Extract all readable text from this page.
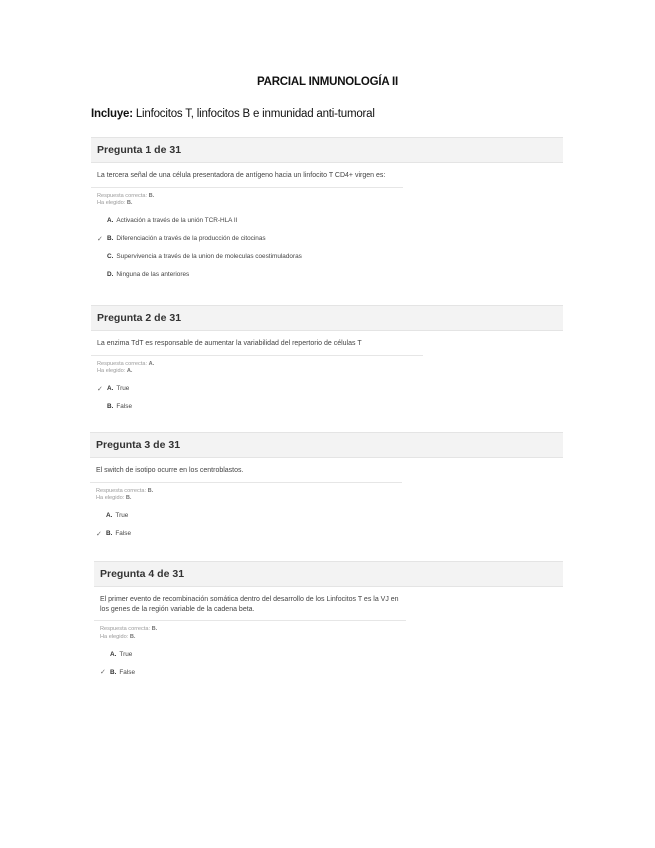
PARCIAL INMUNOLOGÍA II
Incluye: Linfocitos T, linfocitos B e inmunidad anti-tumoral
Pregunta 1 de 31
La tercera señal de una célula presentadora de antígeno hacia un linfocito T CD4+ virgen es:
Respuesta correcta: B.
Ha elegido: B.
A. Activación a través de la unión TCR-HLA II
✓ B. Diferenciación a través de la producción de citocinas
C. Supervivencia a través de la union de moleculas coestimuladoras
D. Ninguna de las anteriores
Pregunta 2 de 31
La enzima TdT es responsable de aumentar la variabilidad del repertorio de células T
Respuesta correcta: A.
Ha elegido: A.
✓ A. True
B. False
Pregunta 3 de 31
El switch de isotipo ocurre en los centroblastos.
Respuesta correcta: B.
Ha elegido: B.
A. True
✓ B. False
Pregunta 4 de 31
El primer evento de recombinación somática dentro del desarrollo de los Linfocitos T es la VJ en los genes de la región variable de la cadena beta.
Respuesta correcta: B.
Ha elegido: B.
A. True
✓ B. False
